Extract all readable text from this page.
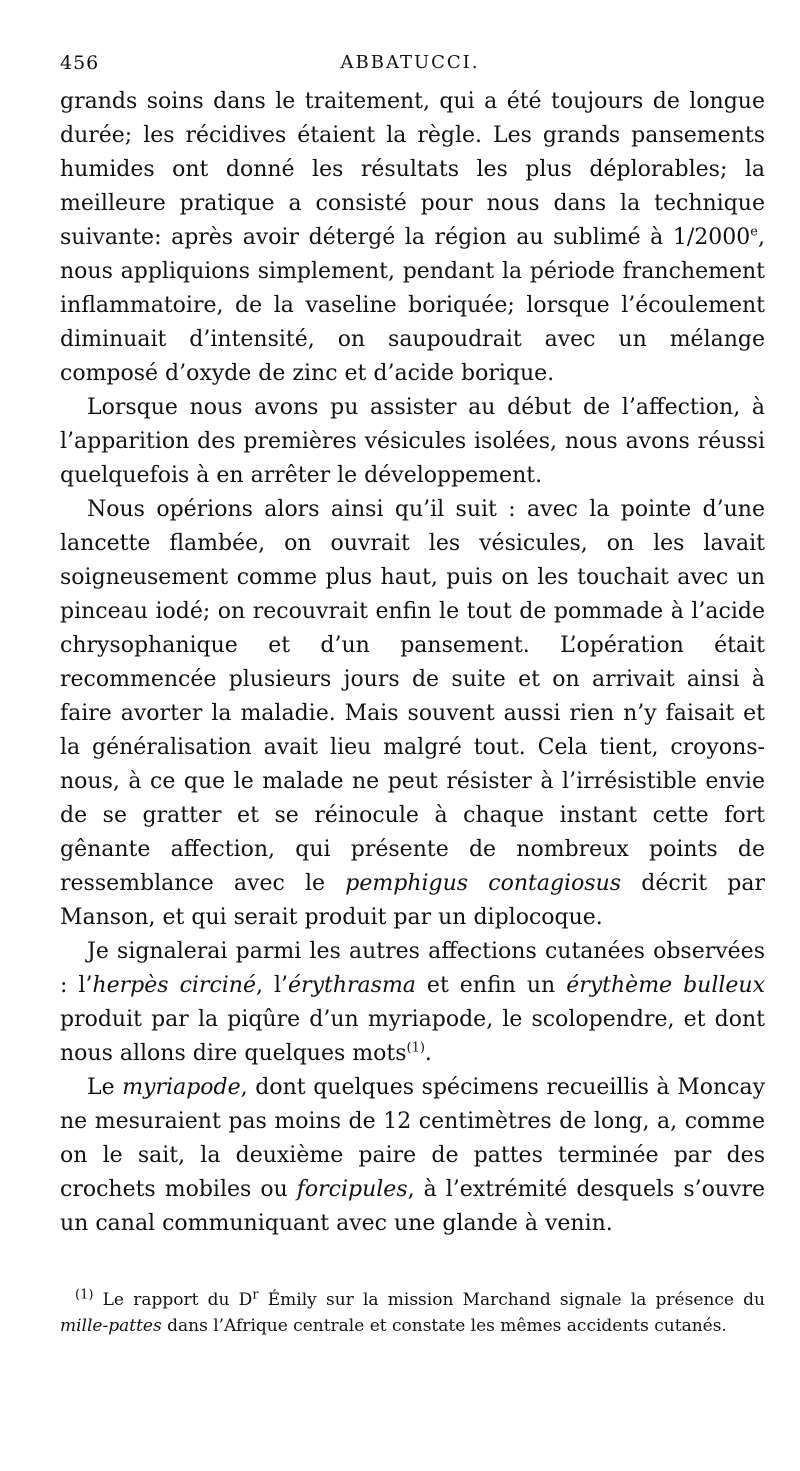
456	ABBATUCCI.

grands soins dans le traitement, qui a été toujours de longue durée; les récidives étaient la règle. Les grands pansements humides ont donné les résultats les plus déplorables; la meilleure pratique a consisté pour nous dans la technique suivante: après avoir détergé la région au sublimé à 1/2000e, nous appliquions simplement, pendant la période franchement inflammatoire, de la vaseline boriquée; lorsque l’écoulement diminuait d’intensité, on saupoudrait avec un mélange composé d’oxyde de zinc et d’acide borique.

Lorsque nous avons pu assister au début de l’affection, à l’apparition des premières vésicules isolées, nous avons réussi quelquefois à en arrêter le développement.

Nous opérions alors ainsi qu’il suit : avec la pointe d’une lancette flambée, on ouvrait les vésicules, on les lavait soigneusement comme plus haut, puis on les touchait avec un pinceau iodé; on recouvrait enfin le tout de pommade à l’acide chrysophanique et d’un pansement. L’opération était recommencée plusieurs jours de suite et on arrivait ainsi à faire avorter la maladie. Mais souvent aussi rien n’y faisait et la généralisation avait lieu malgré tout. Cela tient, croyons-nous, à ce que le malade ne peut résister à l’irrésistible envie de se gratter et se réinocule à chaque instant cette fort gênante affection, qui présente de nombreux points de ressemblance avec le pemphigus contagiosus décrit par Manson, et qui serait produit par un diplocoque.

Je signalerai parmi les autres affections cutanées observées : l’herpès circiné, l’érythrasma et enfin un érythème bulleux produit par la piqûre d’un myriapode, le scolopendre, et dont nous allons dire quelques mots$^{(1)}$.

Le myriapode, dont quelques spécimens recueillis à Moncay ne mesuraient pas moins de 12 centimètres de long, a, comme on le sait, la deuxième paire de pattes terminée par des crochets mobiles ou forcipules, à l’extrémité desquels s’ouvre un canal communiquant avec une glande à venin.

$^{(1)}$ Le rapport du $D^r$ Émily sur la mission Marchand signale la présence du mille-pattes dans l’Afrique centrale et constate les mêmes accidents cutanés.
